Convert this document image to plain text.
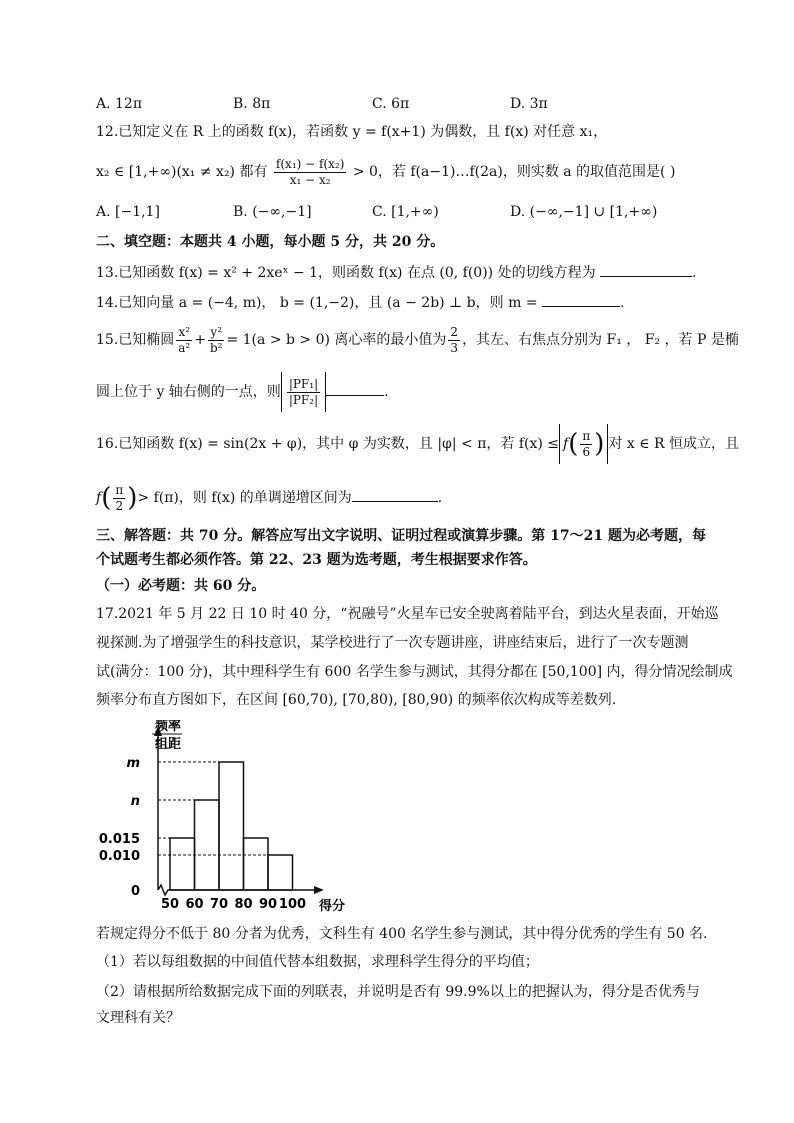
A. 12π	B. 8π	C. 6π	D. 3π
12.已知定义在 R 上的函数 f(x)，若函数 y = f(x+1) 为偶数，且 f(x) 对任意 x₁，
x₂ ∈ [1,+∞)(x₁ ≠ x₂) 都有 $\frac{\text{f(x₁) − f(x₂)}}{\text{x₁ − x₂}} > 0$，若 f(a−1)…f(2a)，则实数 a 的取值范围是( )
A. [−1,1]	B. (−∞,−1]	C. [1,+∞)	D. (−∞,−1] ∪ [1,+∞)
二、填空题：本题共 4 小题，每小题 5 分，共 20 分。
13.已知函数 f(x) = x² + 2xeˣ − 1，则函数 f(x) 在点 (0, f(0)) 处的切线方程为	.
14.已知向量 a = (−4, m)， b = (1,−2)，且 (a − 2b) ⊥ b，则 m =	.
15.已知椭圆 $\frac{\text{x²}}{\text{a²}} + \frac{\text{y²}}{\text{b²}} = 1(a > b > 0)$ 离心率的最小值为 $\frac{2}{3}$ ，其左、右焦点分别为 F₁ ， F₂ ，若 P 是椭
圆上位于 y 轴右侧的一点，则 $\frac{\text{|PF₁|}}{\text{|PF₂|}}$	.
16.已知函数 f(x) = sin(2x + φ)，其中 φ 为实数，且 |φ| < π，若 $f(x) \le f( \frac{\pi}{6}$ ) 对 x ∈ R 恒成立，且
$f( \frac{\pi}{2}$ )> f(π)，则 f(x) 的单调递增区间为	.
三、解答题：共 70 分。解答应写出文字说明、证明过程或演算步骤。第 17～21 题为必考题，每
个试题考生都必须作答。第 22、23 题为选考题，考生根据要求作答。
（一）必考题：共 60 分。
17.2021 年 5 月 22 日 10 时 40 分，“祝融号”火星车已安全驶离着陆平台，到达火星表面，开始巡
视探测.为了增强学生的科技意识，某学校进行了一次专题讲座，讲座结束后，进行了一次专题测
试(满分：100 分)，其中理科学生有 600 名学生参与测试，其得分都在 [50,100] 内，得分情况绘制成
频率分布直方图如下，在区间 [60,70), [70,80), [80,90) 的频率依次构成等差数列.
频率
组距
m
n
0.015
0.010
0
50 60 70 80 90 100 得分
若规定得分不低于 80 分者为优秀，文科生有 400 名学生参与测试，其中得分优秀的学生有 50 名.
（1）若以每组数据的中间值代替本组数据，求理科学生得分的平均值；
（2）请根据所给数据完成下面的列联表，并说明是否有 99.9%以上的把握认为，得分是否优秀与
文理科有关？
